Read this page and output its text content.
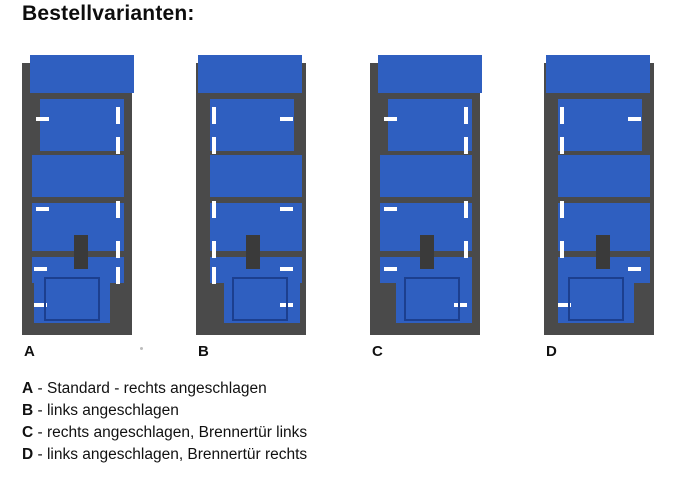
Bestellvarianten:
A	B	C	D
A - Standard - rechts angeschlagen
B - links angeschlagen
C - rechts angeschlagen, Brennertür links
D - links angeschlagen, Brennertür rechts
